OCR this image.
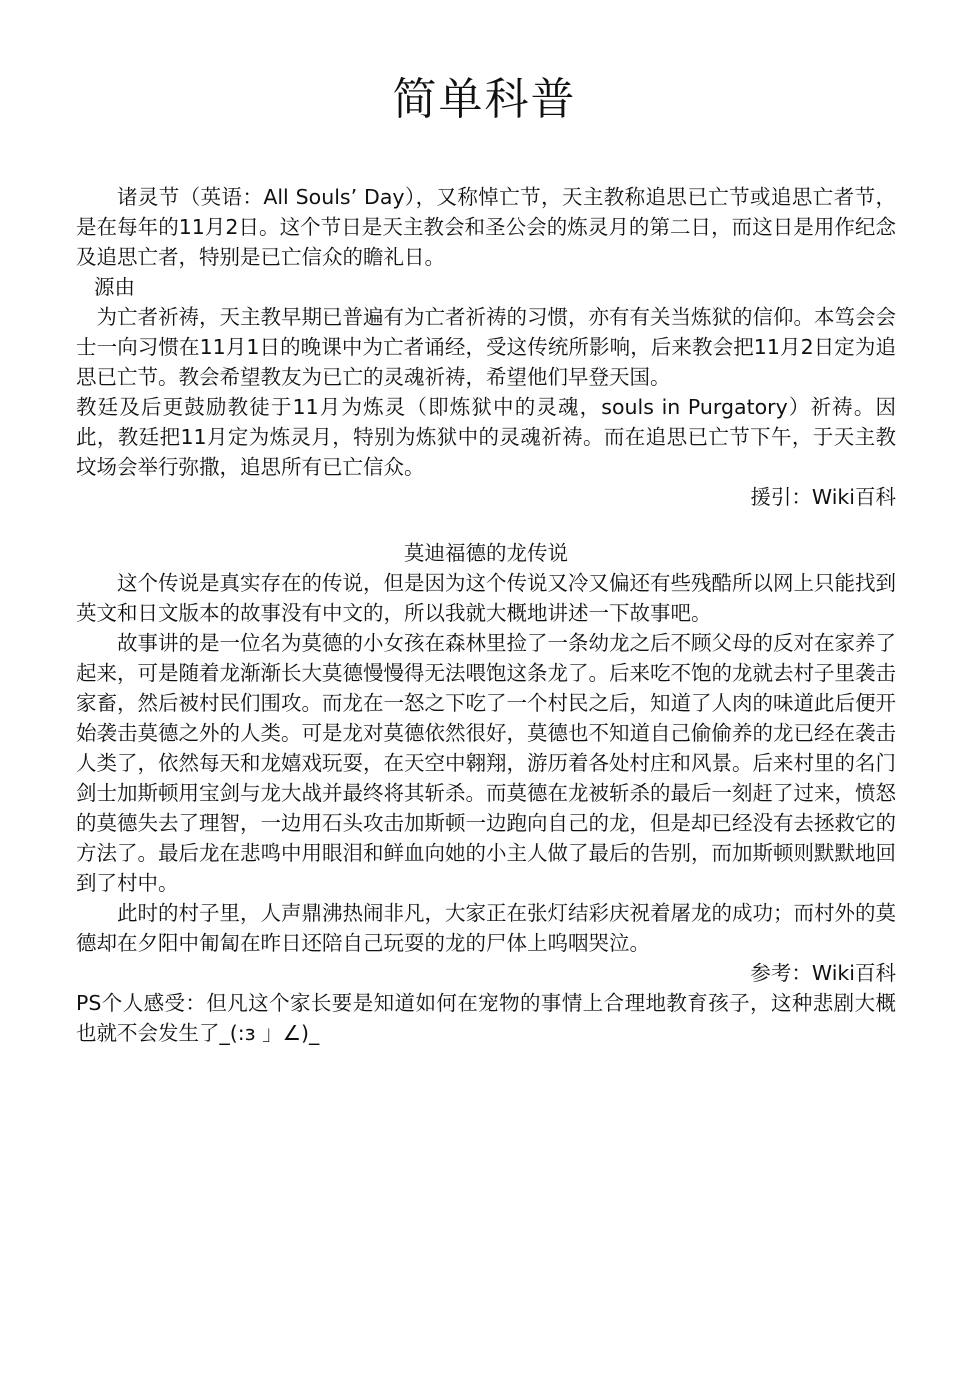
简单科普

诸灵节（英语：All Souls’ Day），又称悼亡节，天主教称追思已亡节或追思亡者节，是在每年的11月2日。这个节日是天主教会和圣公会的炼灵月的第二日，而这日是用作纪念及追思亡者，特别是已亡信众的瞻礼日。

源由

为亡者祈祷，天主教早期已普遍有为亡者祈祷的习惯，亦有有关当炼狱的信仰。本笃会会士一向习惯在11月1日的晚课中为亡者诵经，受这传统所影响，后来教会把11月2日定为追思已亡节。教会希望教友为已亡的灵魂祈祷，希望他们早登天国。

教廷及后更鼓励教徒于11月为炼灵（即炼狱中的灵魂，souls in Purgatory）祈祷。因此，教廷把11月定为炼灵月，特别为炼狱中的灵魂祈祷。而在追思已亡节下午，于天主教坟场会举行弥撒，追思所有已亡信众。

援引：Wiki百科

莫迪福德的龙传说

这个传说是真实存在的传说，但是因为这个传说又冷又偏还有些残酷所以网上只能找到英文和日文版本的故事没有中文的，所以我就大概地讲述一下故事吧。

故事讲的是一位名为莫德的小女孩在森林里捡了一条幼龙之后不顾父母的反对在家养了起来，可是随着龙渐渐长大莫德慢慢得无法喂饱这条龙了。后来吃不饱的龙就去村子里袭击家畜，然后被村民们围攻。而龙在一怒之下吃了一个村民之后，知道了人肉的味道此后便开始袭击莫德之外的人类。可是龙对莫德依然很好，莫德也不知道自己偷偷养的龙已经在袭击人类了，依然每天和龙嬉戏玩耍，在天空中翱翔，游历着各处村庄和风景。后来村里的名门剑士加斯顿用宝剑与龙大战并最终将其斩杀。而莫德在龙被斩杀的最后一刻赶了过来，愤怒的莫德失去了理智，一边用石头攻击加斯顿一边跑向自己的龙，但是却已经没有去拯救它的方法了。最后龙在悲鸣中用眼泪和鲜血向她的小主人做了最后的告别，而加斯顿则默默地回到了村中。

此时的村子里，人声鼎沸热闹非凡，大家正在张灯结彩庆祝着屠龙的成功；而村外的莫德却在夕阳中匍匐在昨日还陪自己玩耍的龙的尸体上呜咽哭泣。

参考：Wiki百科

PS个人感受：但凡这个家长要是知道如何在宠物的事情上合理地教育孩子，这种悲剧大概也就不会发生了_(:з 」∠)_
